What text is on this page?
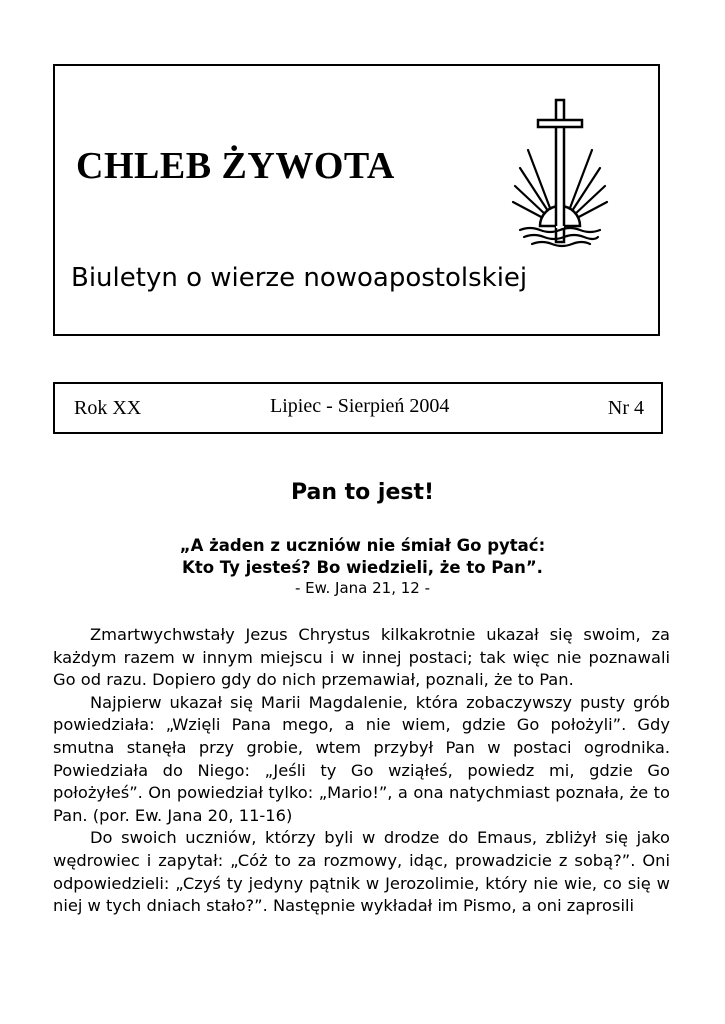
CHLEB ŻYWOTA
Biuletyn o wierze nowoapostolskiej
Rok XX	Lipiec - Sierpień 2004	Nr 4
Pan to jest!
„A żaden z uczniów nie śmiał Go pytać:
Kto Ty jesteś? Bo wiedzieli, że to Pan”.
- Ew. Jana 21, 12 -

Zmartwychwstały Jezus Chrystus kilkakrotnie ukazał się swoim, za każdym razem w innym miejscu i w innej postaci; tak więc nie poznawali Go od razu. Dopiero gdy do nich przemawiał, poznali, że to Pan.

Najpierw ukazał się Marii Magdalenie, która zobaczywszy pusty grób powiedziała: „Wzięli Pana mego, a nie wiem, gdzie Go położyli”. Gdy smutna stanęła przy grobie, wtem przybył Pan w postaci ogrodnika. Powiedziała do Niego: „Jeśli ty Go wziąłeś, powiedz mi, gdzie Go położyłeś”. On powiedział tylko: „Mario!”, a ona natychmiast poznała, że to Pan. (por. Ew. Jana 20, 11-16)

Do swoich uczniów, którzy byli w drodze do Emaus, zbliżył się jako wędrowiec i zapytał: „Cóż to za rozmowy, idąc, prowadzicie z sobą?”. Oni odpowiedzieli: „Czyś ty jedyny pątnik w Jerozolimie, który nie wie, co się w niej w tych dniach stało?”. Następnie wykładał im Pismo, a oni zaprosili
